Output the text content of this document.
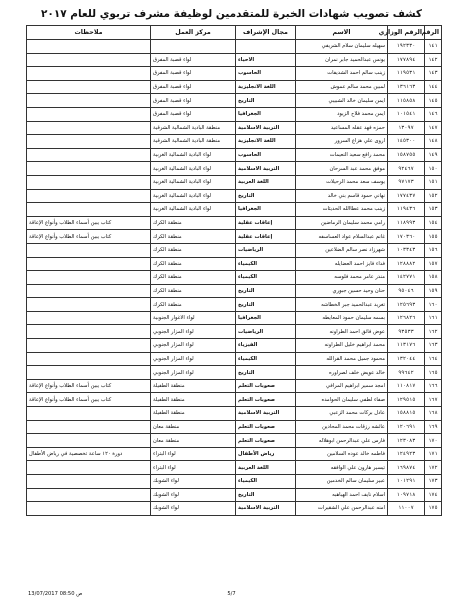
كشف تصويب شهادات الخبرة للمتقدمين لوظيفة مشرف تربوي للعام ٢٠١٧
الرقم	الرقم الوزاري	الاسم	مجال الإشراف	مركز العمل	ملاحظات
١٤١	١٩٢٣٣٠	سهيله سليمان سلام الشريفي			
١٤٢	١٧٧٨٩٤	يونس عبدالحميد جابر نمران	الاحياء	لواء قصبة المفرق	
١٤٣	١١٩٥٣١	زينب سالم احمد الشديفات	الحاسوب	لواء قصبة المفرق	
١٤٤	١٣٦١٦٣	لمبين محمد سالم عموش	اللغة الانجليزية	لواء قصبة المفرق	
١٤٥	١١٥٨٥٨	ايمن سليمان خالد الشبيبي	التاريخ	لواء قصبة المفرق	
١٤٦	١٠١٥٤١	ايمن محمد فلاح الزيود	الجغرافيا	لواء قصبة المفرق	
١٤٧	١٣٠٩٧	حمزه فهد عقله المساعيد	التربية الاسلامية	منطقة البادية الشمالية الشرقية	
١٤٨	١٤٥٣٠٠	اروى علي هزاع السرور	اللغة الانجليزية	منطقة البادية الشمالية الشرقية	
١٤٩	١٥٨٧٥٥	محمد رافع سعيد النعيمات	الحاسوب	لواء البادية الشمالية الغربية	
١٥٠	٩٢٤٦٧	موفق محمد عبد السرحان	التربية الاسلامية	لواء البادية الشمالية الغربية	
١٥١	٩٧١٧٣	يوسف سعد محمد الرحيلات	اللغة العربية	لواء البادية الشمالية الغربية	
١٥٢	١٧٧٤٣٧	نهاني حمود قاسم بني خالد	التاريخ	لواء البادية الشمالية الغربية	
١٥٣	١١٩٤٣٦	زينب محمد عطاالله الحديثات	الجغرافيا	لواء البادية الشمالية الغربية	
١٥٤	١١٨٩٩٣	رامي محمد سليمان الرماضين	إعاقات عقلية	منطقة الكرك	كتاب يبين أسماء الطلاب وأنواع الإعاقة
١٥٥	١٧٠٣٦٠	غانم عبدالسلام عواد العساسفه	إعاقات عقلية	منطقة الكرك	كتاب يبين أسماء الطلاب وأنواع الإعاقة
١٥٦	١٠٣٣٤٣	شهرزاد نصر سالم الضلاعين	الرياضيات	منطقة الكرك	
١٥٧	١٢٨٨٨٢	فداء فايز احمد العضايله	الكيمياء	منطقة الكرك	
١٥٨	١٤٢٧٧١	منذر عامر محمد فلوسه	الكيمياء	منطقة الكرك	
١٥٩	٩٥٠٤٦	حنان وحيد حسين جبوري	التاريخ	منطقة الكرك	
١٦٠	١٢٥٦٩٣	تغريد عبدالحميد جبر الخطاشه	التاريخ	منطقة الكرك	
١٦١	١٢٦٨٢٦	بسمه سليمان حمود المعايطه	الجغرافيا	لواء الاغوار الجنوبية	
١٦٢	٩٣٥٣٣	عوض فائق احمد الطراونه	الرياضيات	لواء المزار الجنوبي	
١٦٣	١١٣١٧٦	محمد ابراهيم خليل الطراونه	الفيزياء	لواء المزار الجنوبي	
١٦٤	١٣٢٠٤٤	محمود جميل محمد القرالله	الكيمياء	لواء المزار الجنوبي	
١٦٥	٩٩٦٤٢	خالد عويض خلف لصراوره	التاريخ	لواء المزار الجنوبي	
١٦٦	١١٠٨١٧	امجد سمير ابراهيم المرافي	صعوبات التعلم	منطقة الطفيلة	كتاب يبين أسماء الطلاب وأنواع الإعاقة
١٦٧	١٢٩٥١٥	صفاء لطفي سليمان الحوامده	صعوبات التعلم	منطقة الطفيلة	كتاب يبين أسماء الطلاب وأنواع الإعاقة
١٦٨	١٥٨٨١٥	عادل بركات محمد الزعبي	التربية الاسلامية	منطقة الطفيلة	
١٦٩	١٢٠٦٩١	عائشه رزقات محمد المحادين	صعوبات التعلم	منطقة معان	
١٧٠	١٢٣٠٨٣	فارس علي عبدالرحمن ابوهلاله	صعوبات التعلم	منطقة معان	
١٧١	١٢٤٩٢٣	فاطمه خالد عوده السلامين	رياض الأطفال	لواء البتراء	دورة ١٢٠ ساعة تخصصية في رياض الأطفال
١٧٢	١٦٩٨٧٤	تيسير هارون علي الوافقه	اللغة العربية	لواء البتراء	
١٧٣	١٠١٢٩١	عبير سليمان سالم الخدمين	الكيمياء	لواء الشوبك	
١٧٤	١٠٩٧١٨	اسلام نايف احمد الهباهبه	التاريخ	لواء الشوبك	
١٧٥	١١٠٠٧	امنه عبدالرحمن علي الشقيرات	التربية الاسلامية	لواء الشوبك	
13/07/2017 ص 08:50	5/7
